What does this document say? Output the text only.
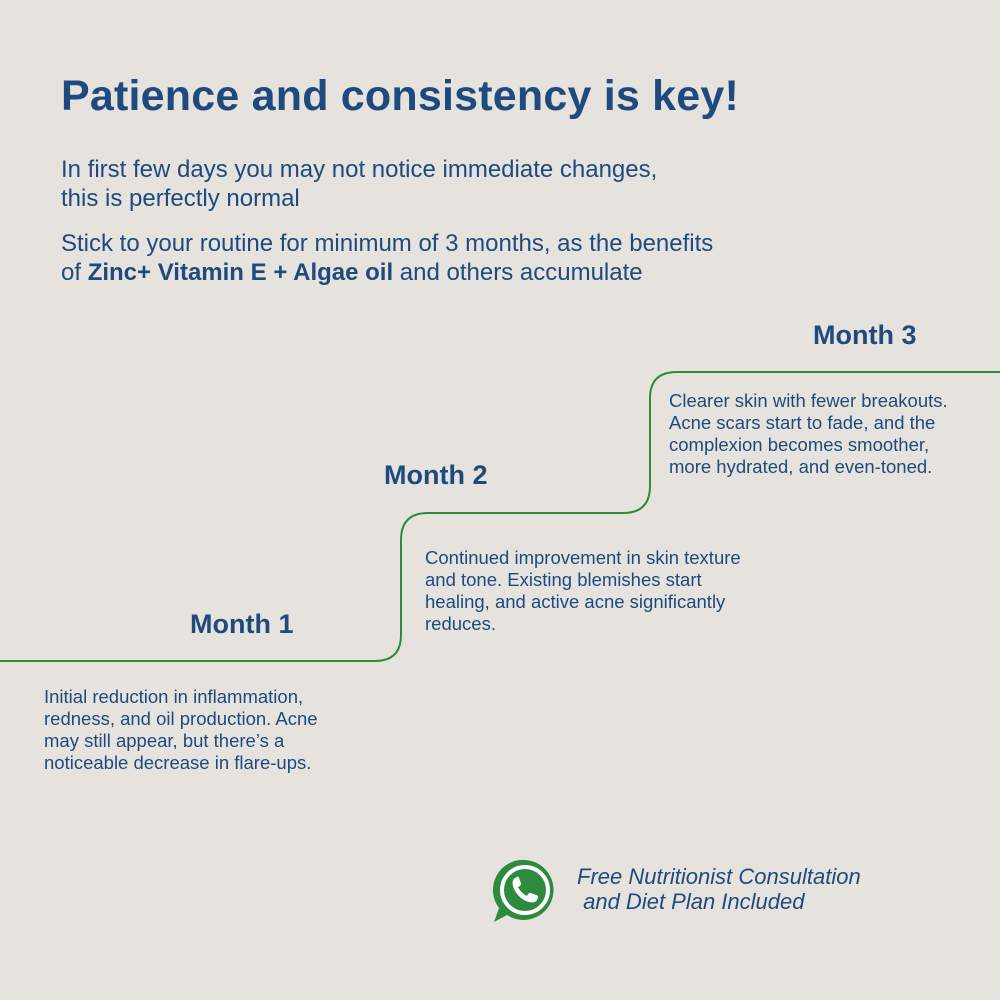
Patience and consistency is key!
In first few days you may not notice immediate changes,
this is perfectly normal
Stick to your routine for minimum of 3 months, as the benefits
of Zinc+ Vitamin E + Algae oil and others accumulate
Month 1
Initial reduction in inflammation,
redness, and oil production. Acne
may still appear, but there’s a
noticeable decrease in flare-ups.
Month 2
Continued improvement in skin texture
and tone. Existing blemishes start
healing, and active acne significantly
reduces.
Month 3
Clearer skin with fewer breakouts.
Acne scars start to fade, and the
complexion becomes smoother,
more hydrated, and even-toned.
Free Nutritionist Consultation
and Diet Plan Included
